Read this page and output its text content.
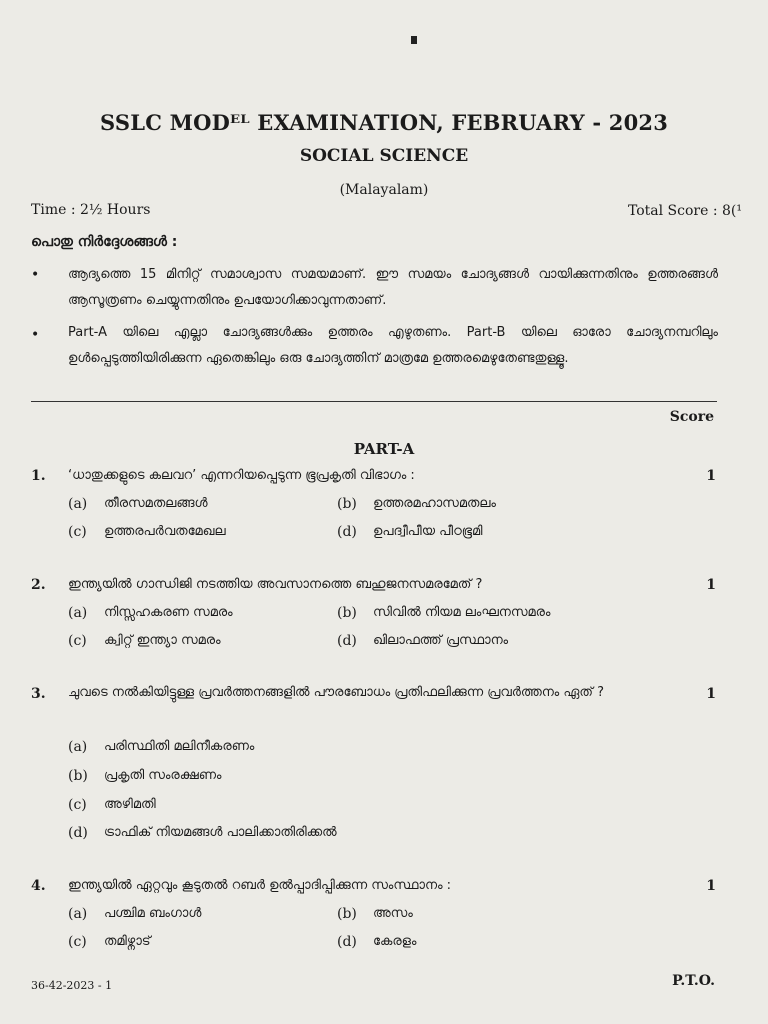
SSLC MODᴱᴸ EXAMINATION, FEBRUARY - 2023
SOCIAL SCIENCE
(Malayalam)
Time : 2½ Hours	Total Score : 8(¹
പൊതു നിർദ്ദേശങ്ങൾ :
• ആദ്യത്തെ 15 മിനിറ്റ് സമാശ്വാസ സമയമാണ്. ഈ സമയം ചോദ്യങ്ങൾ വായിക്കുന്നതിനും ഉത്തരങ്ങൾ ആസൂത്രണം ചെയ്യുന്നതിനും ഉപയോഗിക്കാവുന്നതാണ്.
• Part-A യിലെ എല്ലാ ചോദ്യങ്ങൾക്കും ഉത്തരം എഴുതണം. Part-B യിലെ ഓരോ ചോദ്യനമ്പറിലും ഉൾപ്പെടുത്തിയിരിക്കുന്ന ഏതെങ്കിലും ഒരു ചോദ്യത്തിന് മാത്രമേ ഉത്തരമെഴുതേണ്ടതുള്ളൂ.
Score
PART-A
1. ‘ധാതുക്കളുടെ കലവറ’ എന്നറിയപ്പെടുന്ന ഭൂപ്രകൃതി വിഭാഗം :	1
(a) തീരസമതലങ്ങൾ	(b) ഉത്തരമഹാസമതലം
(c) ഉത്തരപർവതമേഖല	(d) ഉപദ്വീപീയ പീഠഭൂമി
2. ഇന്ത്യയിൽ ഗാന്ധിജി നടത്തിയ അവസാനത്തെ ബഹുജനസമരമേത് ?	1
(a) നിസ്സഹകരണ സമരം	(b) സിവിൽ നിയമ ലംഘനസമരം
(c) ക്വിറ്റ് ഇന്ത്യാ സമരം	(d) ഖിലാഫത്ത് പ്രസ്ഥാനം
3. ചുവടെ നൽകിയിട്ടുള്ള പ്രവർത്തനങ്ങളിൽ പൗരബോധം പ്രതിഫലിക്കുന്ന പ്രവർത്തനം ഏത് ?	1
(a) പരിസ്ഥിതി മലിനീകരണം
(b) പ്രകൃതി സംരക്ഷണം
(c) അഴിമതി
(d) ട്രാഫിക് നിയമങ്ങൾ പാലിക്കാതിരിക്കൽ
4. ഇന്ത്യയിൽ ഏറ്റവും കൂടുതൽ റബർ ഉൽപ്പാദിപ്പിക്കുന്ന സംസ്ഥാനം :	1
(a) പശ്ചിമ ബംഗാൾ	(b) അസം
(c) തമിഴ്നാട്	(d) കേരളം
36-42-2023 - 1	P.T.O.
